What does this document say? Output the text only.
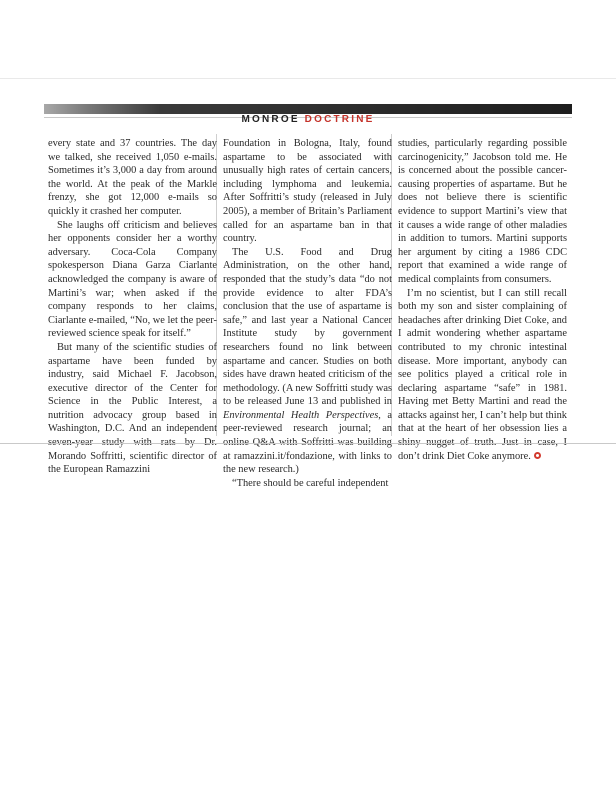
MONROE DOCTRINE

every state and 37 countries. The day we talked, she received 1,050 e-mails. Sometimes it’s 3,000 a day from around the world. At the peak of the Markle frenzy, she got 12,000 e-mails so quickly it crashed her computer.

She laughs off criticism and believes her opponents consider her a worthy adversary. Coca-Cola Company spokesperson Diana Garza Ciarlante acknowledged the company is aware of Martini’s war; when asked if the company responds to her claims, Ciarlante e-mailed, “No, we let the peer-reviewed science speak for itself.”

But many of the scientific studies of aspartame have been funded by industry, said Michael F. Jacobson, executive director of the Center for Science in the Public Interest, a nutrition advocacy group based in Washington, D.C. And an independent Morando Soffritti, scientific director of the European Ramazzini

Foundation in Bologna, Italy, found aspartame to be associated with unusually high rates of certain cancers, including lymphoma and leukemia. After Soffritti’s study (released in July 2005), a member of Britain’s Parliament called for an aspartame ban in that country.

The U.S. Food and Drug Administration, on the other hand, responded that the study’s data “do not provide evidence to alter FDA’s conclusion that the use of aspartame is safe,” and last year a National Cancer Institute study by government researchers found no link between aspartame and cancer. Studies on both sides have drawn heated criticism of the methodology. (A new Soffritti study was to be released June 13 and published in Environmental Health Perspectives, a peer-reviewed research journal; an at ramazzini.it/fondazione, with links to the new research.)

“There should be careful independent

studies, particularly regarding possible carcinogenicity,” Jacobson told me. He is concerned about the possible cancer-causing properties of aspartame. But he does not believe there is scientific evidence to support Martini’s view that it causes a wide range of other maladies in addition to tumors. Martini supports her argument by citing a 1986 CDC report that examined a wide range of medical complaints from consumers.

I’m no scientist, but I can still recall both my son and sister complaining of headaches after drinking Diet Coke, and I admit wondering whether aspartame contributed to my chronic intestinal disease. More important, anybody can see politics played a critical role in declaring aspartame “safe” in 1981. Having met Betty Martini and read the attacks against her, I can’t help but think that at the heart of her obsession lies a don’t drink Diet Coke anymore.
